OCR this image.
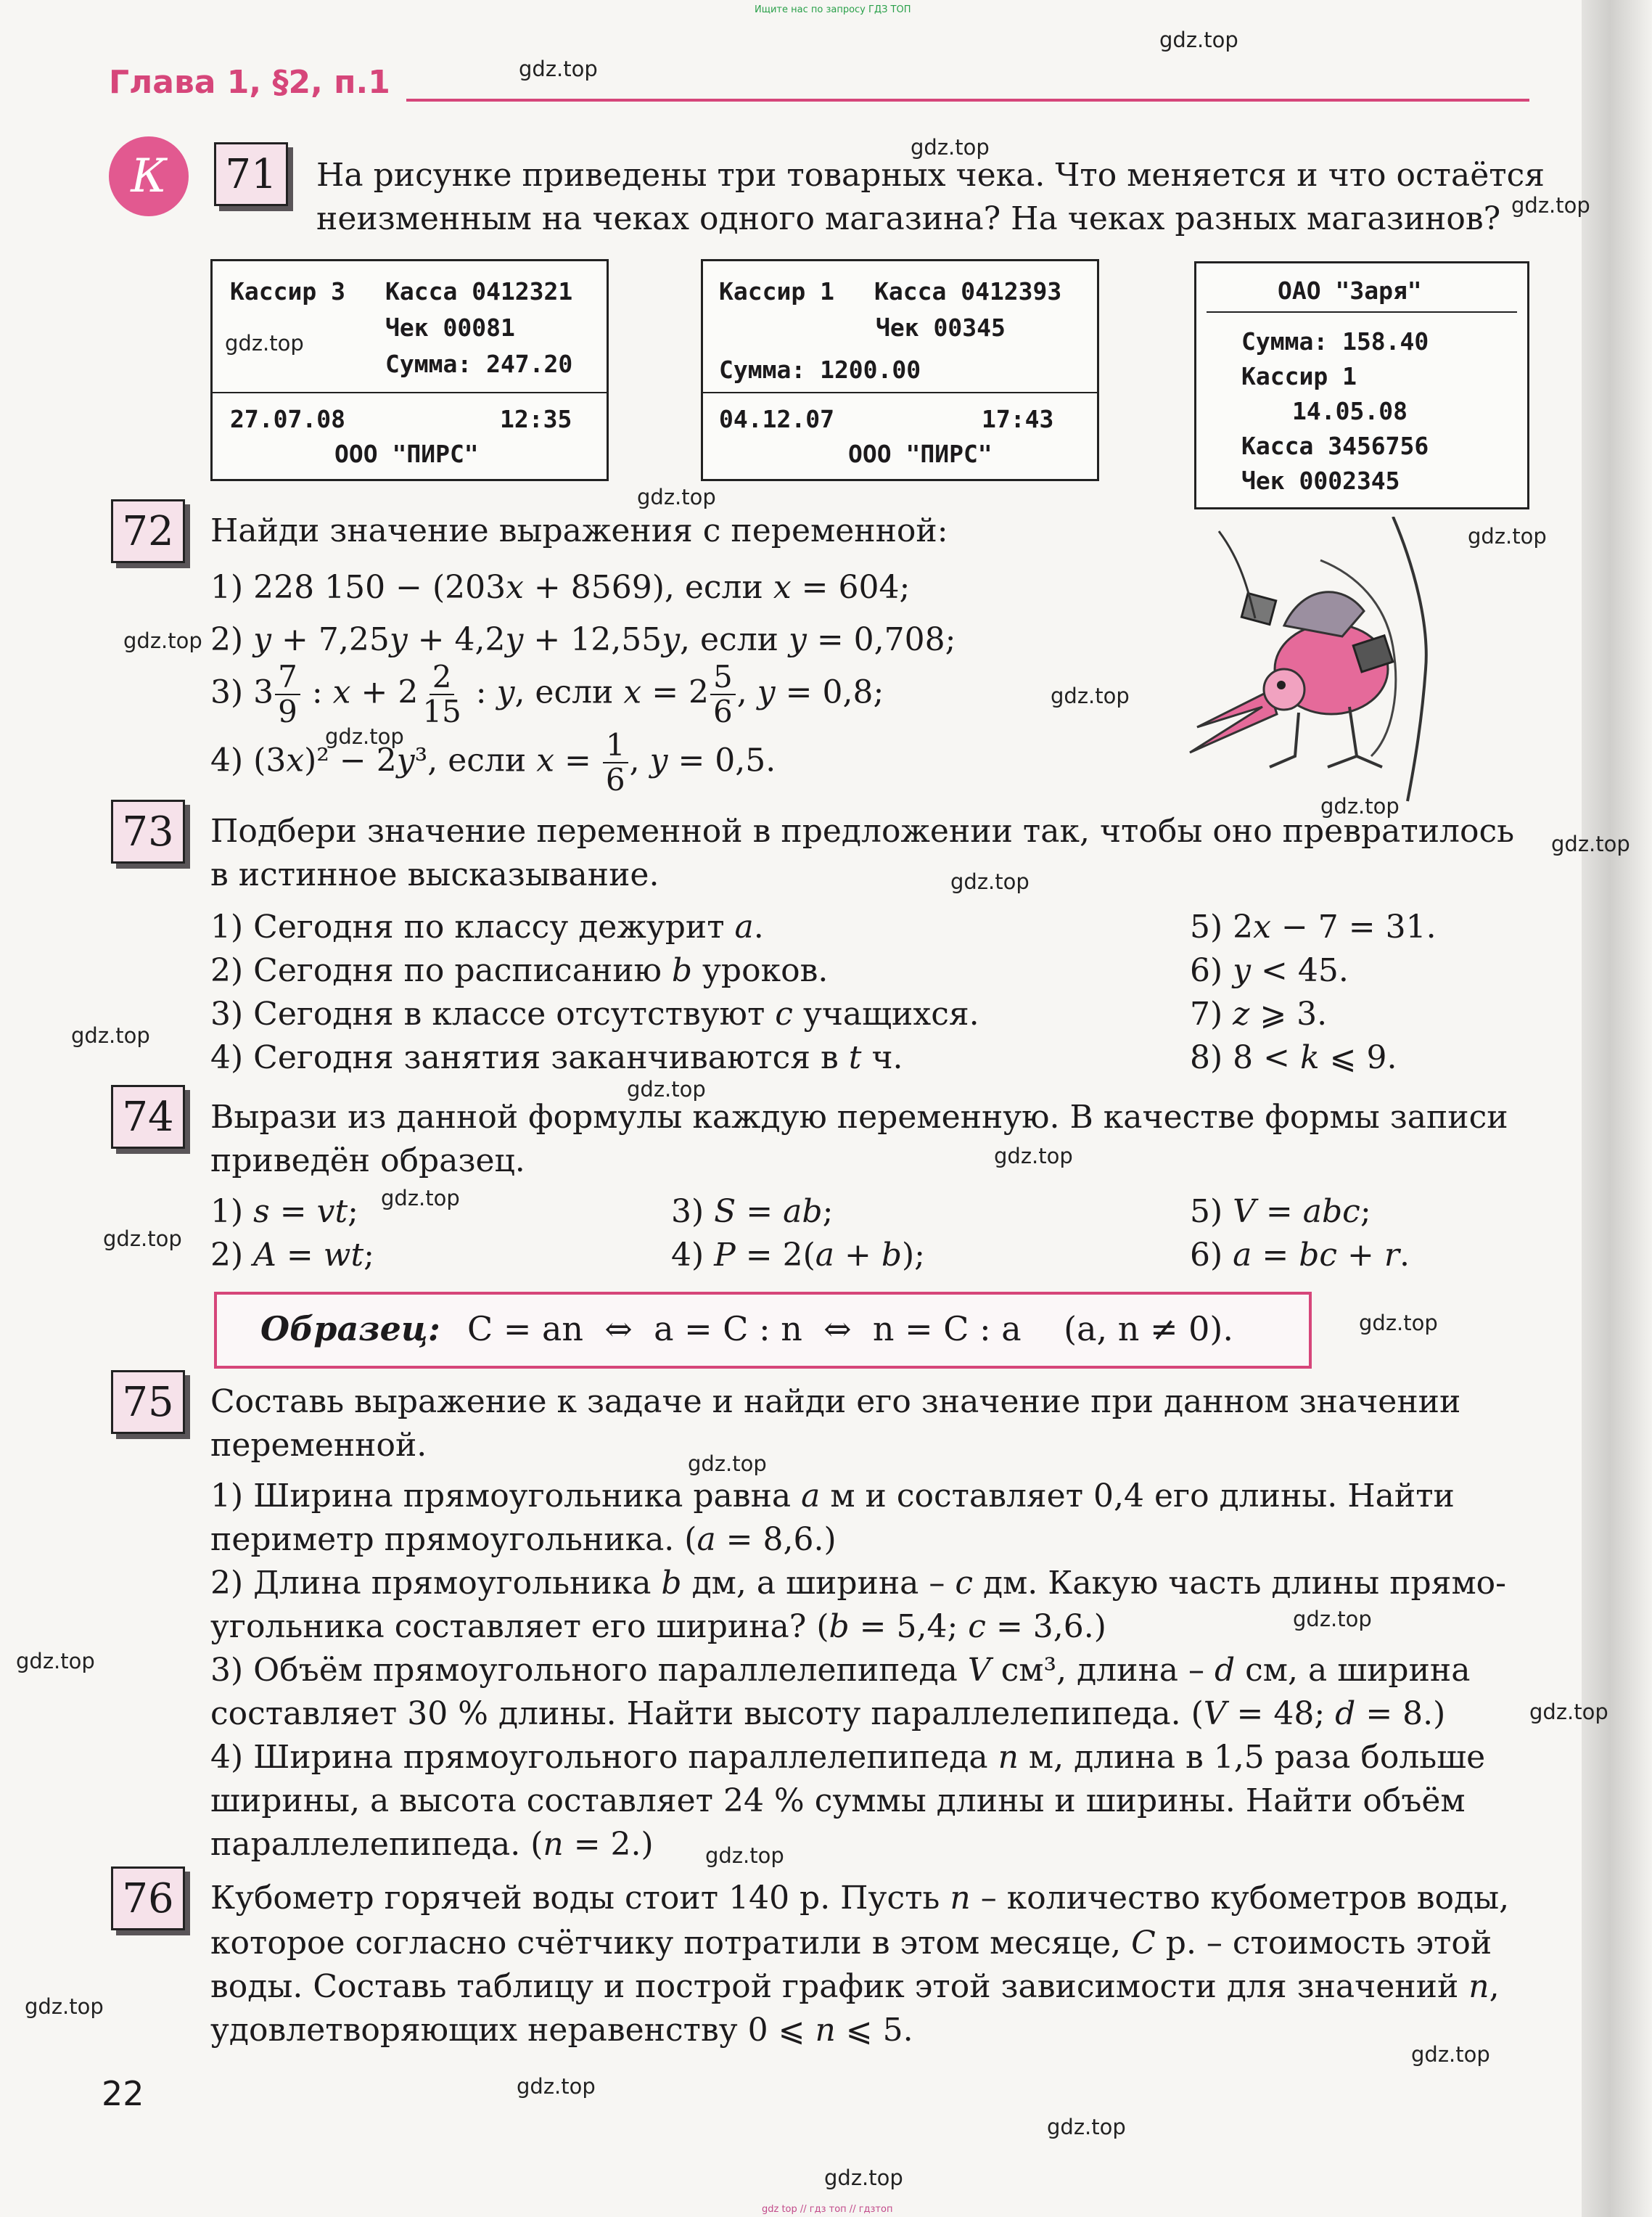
Ищите нас по запросу ГДЗ ТОП
Глава 1, §2, п.1
К	71	На рисунке приведены три товарных чека. Что меняется и что остаётся
неизменным на чеках одного магазина? На чеках разных магазинов?
Кассир 3 Касса 0412321
Чек 00081
Сумма: 247.20
27.07.08	12:35
ООО "ПИРС"
Кассир 1 Касса 0412393
Чек 00345
Сумма: 1200.00
04.12.07	17:43
ООО "ПИРС"
ОАО "Заря"
Сумма: 158.40
Кассир 1
14.05.08
Касса 3456756
Чек 0002345
72	Найди значение выражения с переменной:
1) 228 150 − (203x + 8569), если x = 604;
2) y + 7,25y + 4,2y + 12,55y, если y = 0,708;
3) $3 \frac{7}{9}$ : $x + 2 \frac{2}{15}$ : y, если $x = 2 \frac{5}{6}$ , y = 0,8;
4) (3x)² − 2y³, если $x = \frac{1}{6}$ , y = 0,5.
73	Подбери значение переменной в предложении так, чтобы оно превратилось
в истинное высказывание.
1) Сегодня по классу дежурит a.
2) Сегодня по расписанию b уроков.
3) Сегодня в классе отсутствуют c учащихся.
4) Сегодня занятия заканчиваются в t ч.
5) 2x − 7 = 31.
6) y < 45.
7) z ⩾ 3.
8) 8 < k ⩽ 9.
74	Вырази из данной формулы каждую переменную. В качестве формы записи
приведён образец.
1) s = vt;
2) A = wt;
3) S = ab;
4) P = 2(a + b);
5) V = abc;
6) a = bc + r.
Образец: C = an  ⇔  a = C : n  ⇔  n = C : a    (a, n ≠ 0).
75	Составь выражение к задаче и найди его значение при данном значении
переменной.
1) Ширина прямоугольника равна a м и составляет 0,4 его длины. Найти
периметр прямоугольника. (a = 8,6.)
2) Длина прямоугольника b дм, а ширина – c дм. Какую часть длины прямо-
угольника составляет его ширина? (b = 5,4; c = 3,6.)
3) Объём прямоугольного параллелепипеда V см³, длина – d см, а ширина
составляет 30 % длины. Найти высоту параллелепипеда. (V = 48; d = 8.)
4) Ширина прямоугольного параллелепипеда n м, длина в 1,5 раза больше
ширины, а высота составляет 24 % суммы длины и ширины. Найти объём
параллелепипеда. (n = 2.)
76	Кубометр горячей воды стоит 140 р. Пусть n – количество кубометров воды,
которое согласно счётчику потратили в этом месяце, C р. – стоимость этой
воды. Составь таблицу и построй график этой зависимости для значений n,
удовлетворяющих неравенству 0 ⩽ n ⩽ 5.
22
gdz top // гдз топ // гдзтоп
gdz.top
gdz.top
gdz.top
gdz.top
gdz.top
gdz.top
gdz.top
gdz.top
gdz.top
gdz.top
gdz.top
gdz.top
gdz.top
gdz.top
gdz.top
gdz.top
gdz.top
gdz.top
gdz.top
gdz.top
gdz.top
gdz.top
gdz.top
gdz.top
gdz.top
gdz.top
gdz.top
gdz.top
gdz.top
